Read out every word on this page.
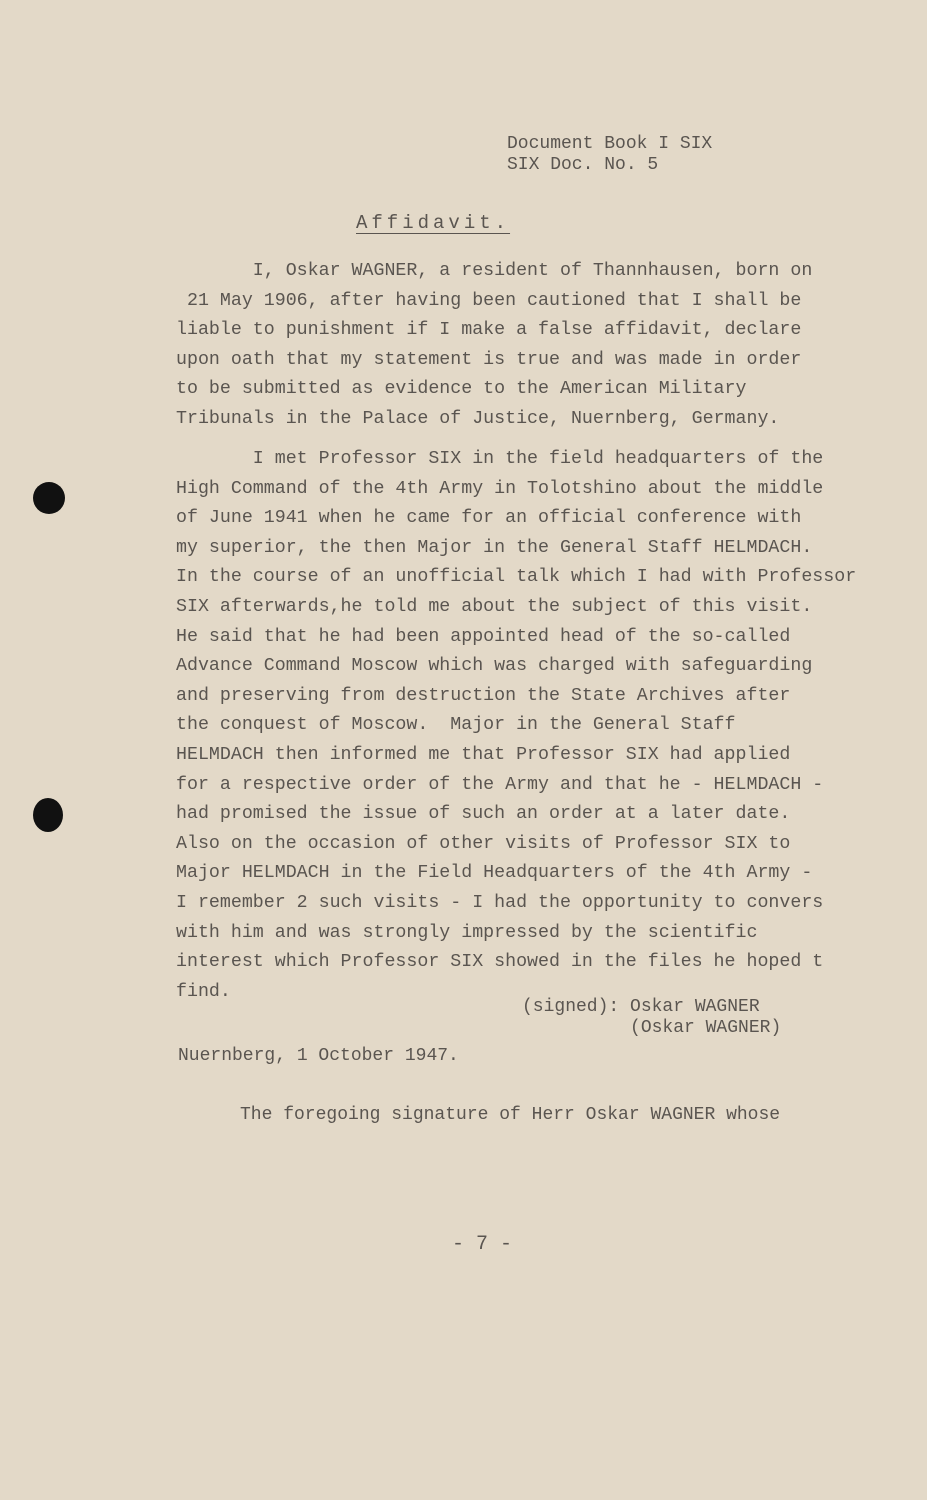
Document Book I SIX
SIX Doc. No. 5
Affidavit.
I, Oskar WAGNER, a resident of Thannhausen, born on
21 May 1906, after having been cautioned that I shall be
liable to punishment if I make a false affidavit, declare
upon oath that my statement is true and was made in order
to be submitted as evidence to the American Military
Tribunals in the Palace of Justice, Nuernberg, Germany.
I met Professor SIX in the field headquarters of the
High Command of the 4th Army in Tolotshino about the middle
of June 1941 when he came for an official conference with
my superior, the then Major in the General Staff HELMDACH.
In the course of an unofficial talk which I had with Professor
SIX afterwards,he told me about the subject of this visit.
He said that he had been appointed head of the so-called
Advance Command Moscow which was charged with safeguarding
and preserving from destruction the State Archives after
the conquest of Moscow.  Major in the General Staff
HELMDACH then informed me that Professor SIX had applied
for a respective order of the Army and that he - HELMDACH -
had promised the issue of such an order at a later date.
Also on the occasion of other visits of Professor SIX to
Major HELMDACH in the Field Headquarters of the 4th Army -
I remember 2 such visits - I had the opportunity to convers
with him and was strongly impressed by the scientific
interest which Professor SIX showed in the files he hoped t
find.
(signed): Oskar WAGNER
(Oskar WAGNER)
Nuernberg, 1 October 1947.
The foregoing signature of Herr Oskar WAGNER whose
- 7 -
